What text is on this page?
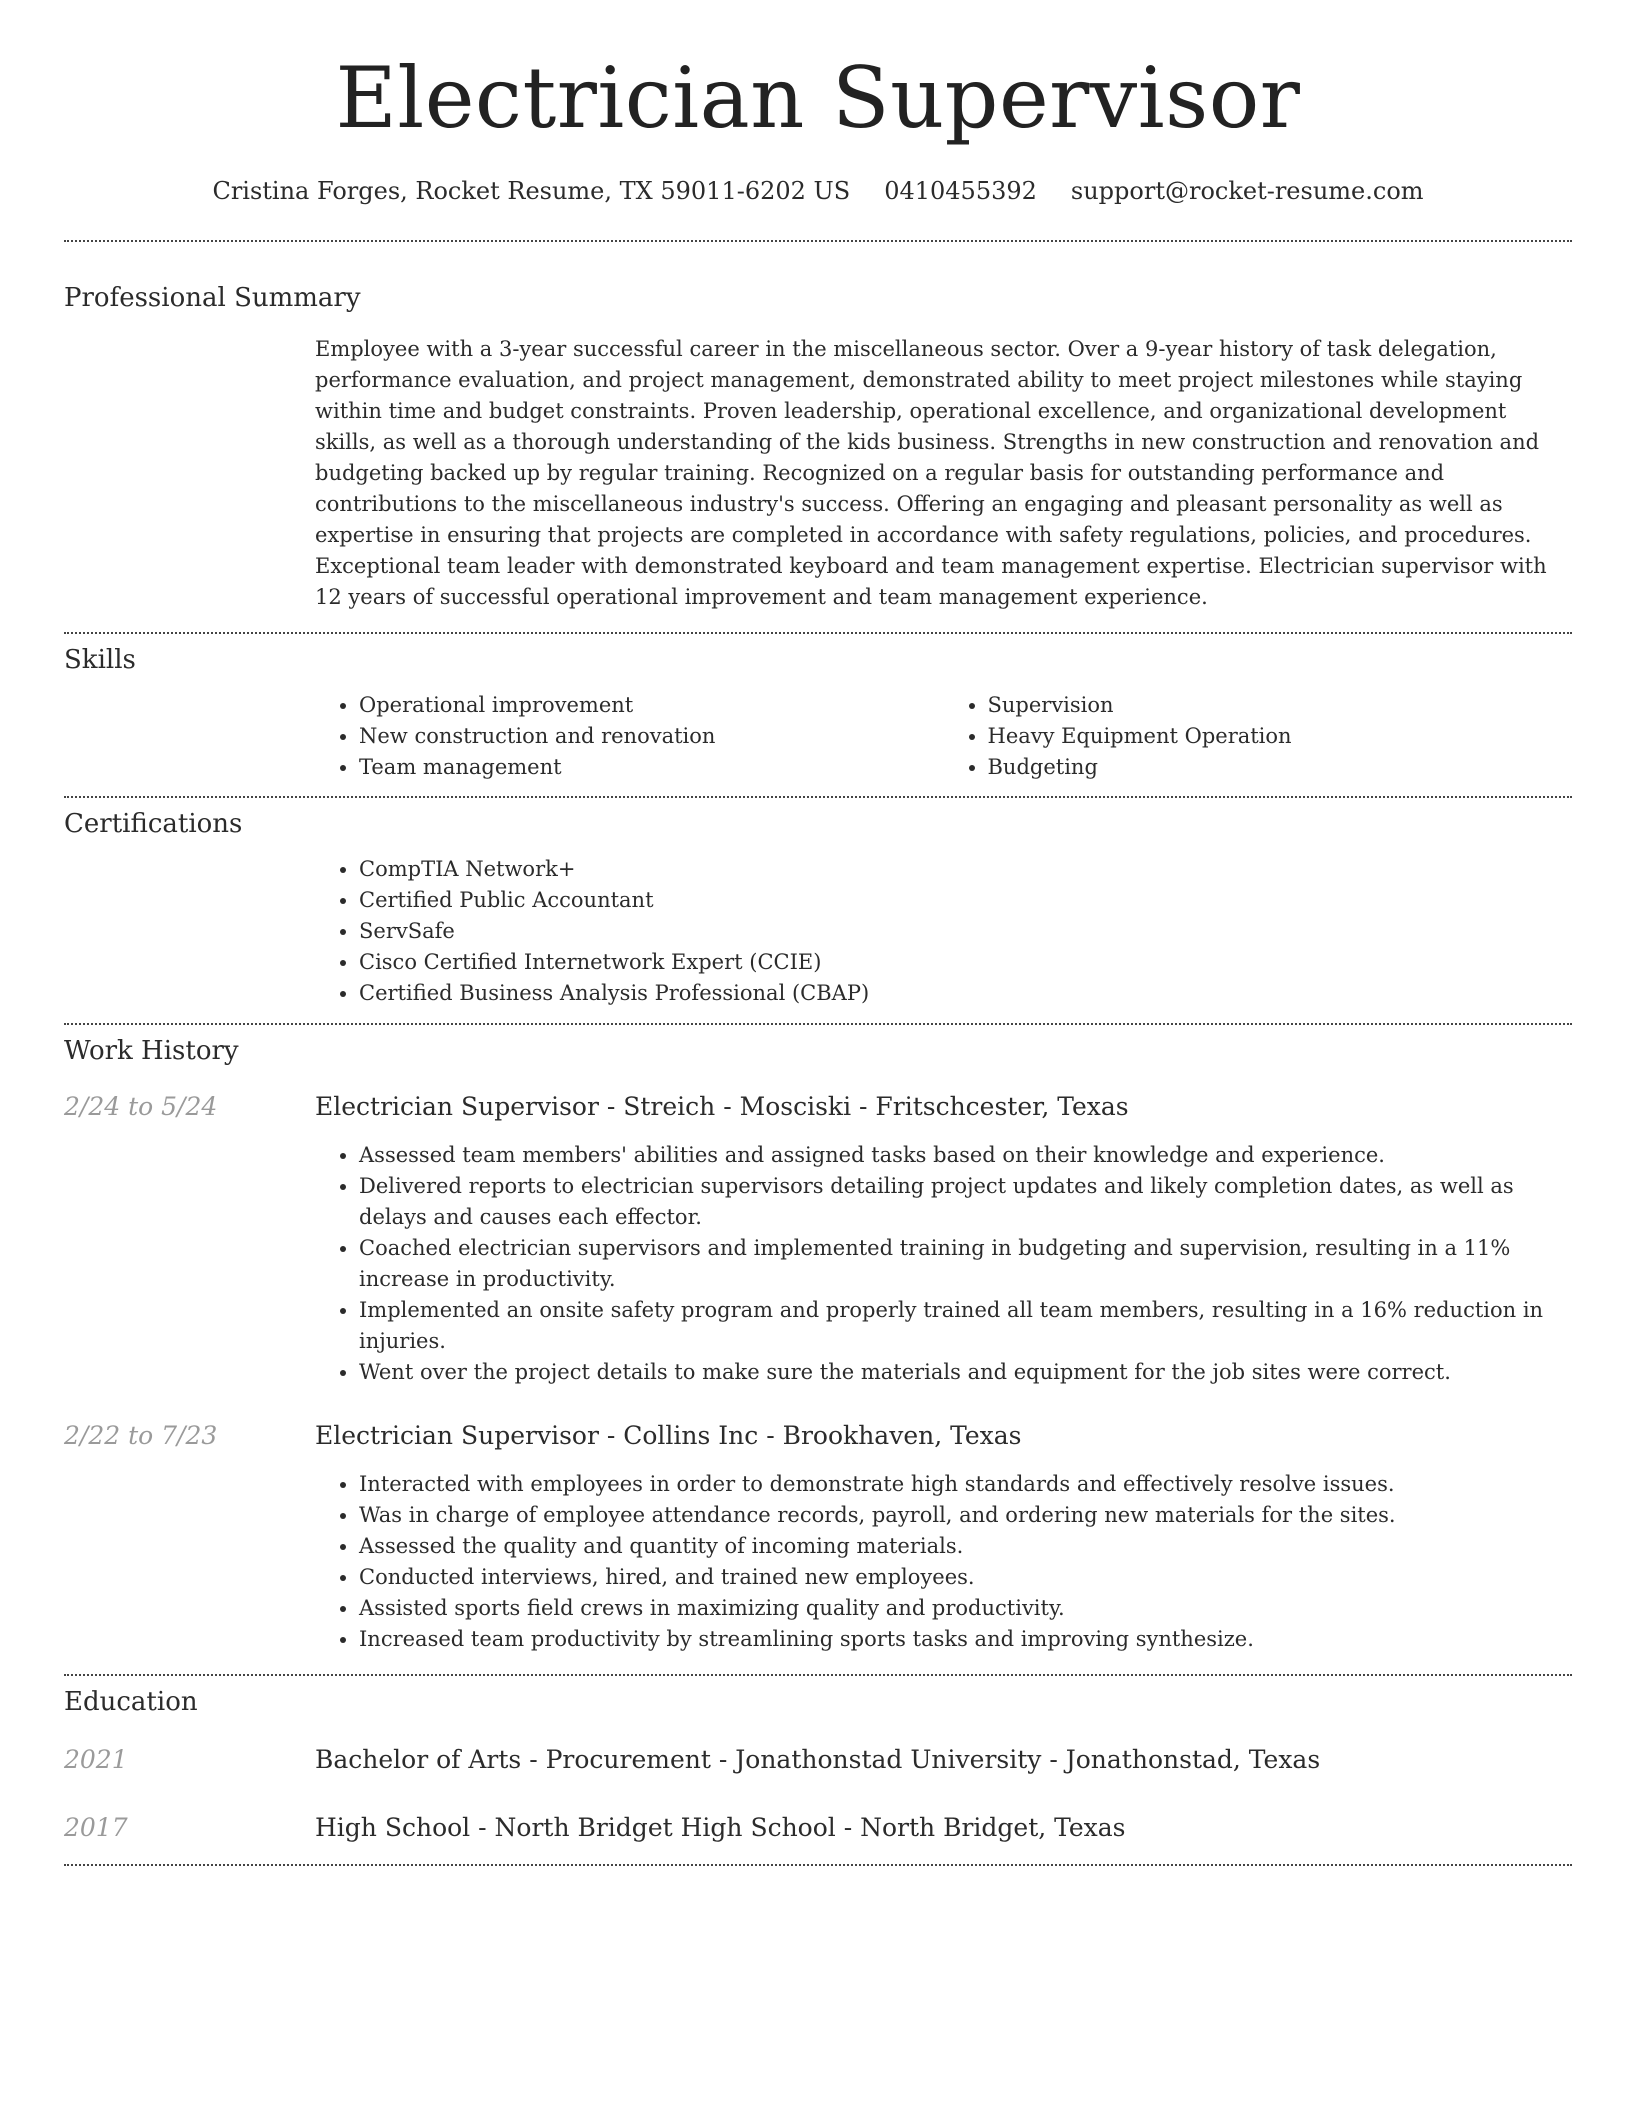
Electrician Supervisor
Cristina Forges, Rocket Resume, TX 59011-6202 US 0410455392 support@rocket-resume.com
Professional Summary

Employee with a 3-year successful career in the miscellaneous sector. Over a 9-year history of task delegation, performance evaluation, and project management, demonstrated ability to meet project milestones while staying within time and budget constraints. Proven leadership, operational excellence, and organizational development skills, as well as a thorough understanding of the kids business. Strengths in new construction and renovation and budgeting backed up by regular training. Recognized on a regular basis for outstanding performance and contributions to the miscellaneous industry's success. Offering an engaging and pleasant personality as well as expertise in ensuring that projects are completed in accordance with safety regulations, policies, and procedures. Exceptional team leader with demonstrated keyboard and team management expertise. Electrician supervisor with 12 years of successful operational improvement and team management experience.

Skills
• Operational improvement
• New construction and renovation
• Team management
• Supervision
• Heavy Equipment Operation
• Budgeting
Certifications
• CompTIA Network+
• Certified Public Accountant
• ServSafe
• Cisco Certified Internetwork Expert (CCIE)
• Certified Business Analysis Professional (CBAP)
Work History
2/24 to 5/24	Electrician Supervisor - Streich - Mosciski - Fritschcester, Texas
• Assessed team members' abilities and assigned tasks based on their knowledge and experience.
• Delivered reports to electrician supervisors detailing project updates and likely completion dates, as well as delays and causes each effector.
• Coached electrician supervisors and implemented training in budgeting and supervision, resulting in a 11% increase in productivity.
• Implemented an onsite safety program and properly trained all team members, resulting in a 16% reduction in injuries.
• Went over the project details to make sure the materials and equipment for the job sites were correct.
2/22 to 7/23	Electrician Supervisor - Collins Inc - Brookhaven, Texas
• Interacted with employees in order to demonstrate high standards and effectively resolve issues.
• Was in charge of employee attendance records, payroll, and ordering new materials for the sites.
• Assessed the quality and quantity of incoming materials.
• Conducted interviews, hired, and trained new employees.
• Assisted sports field crews in maximizing quality and productivity.
• Increased team productivity by streamlining sports tasks and improving synthesize.
Education
2021	Bachelor of Arts - Procurement - Jonathonstad University - Jonathonstad, Texas
2017	High School - North Bridget High School - North Bridget, Texas
